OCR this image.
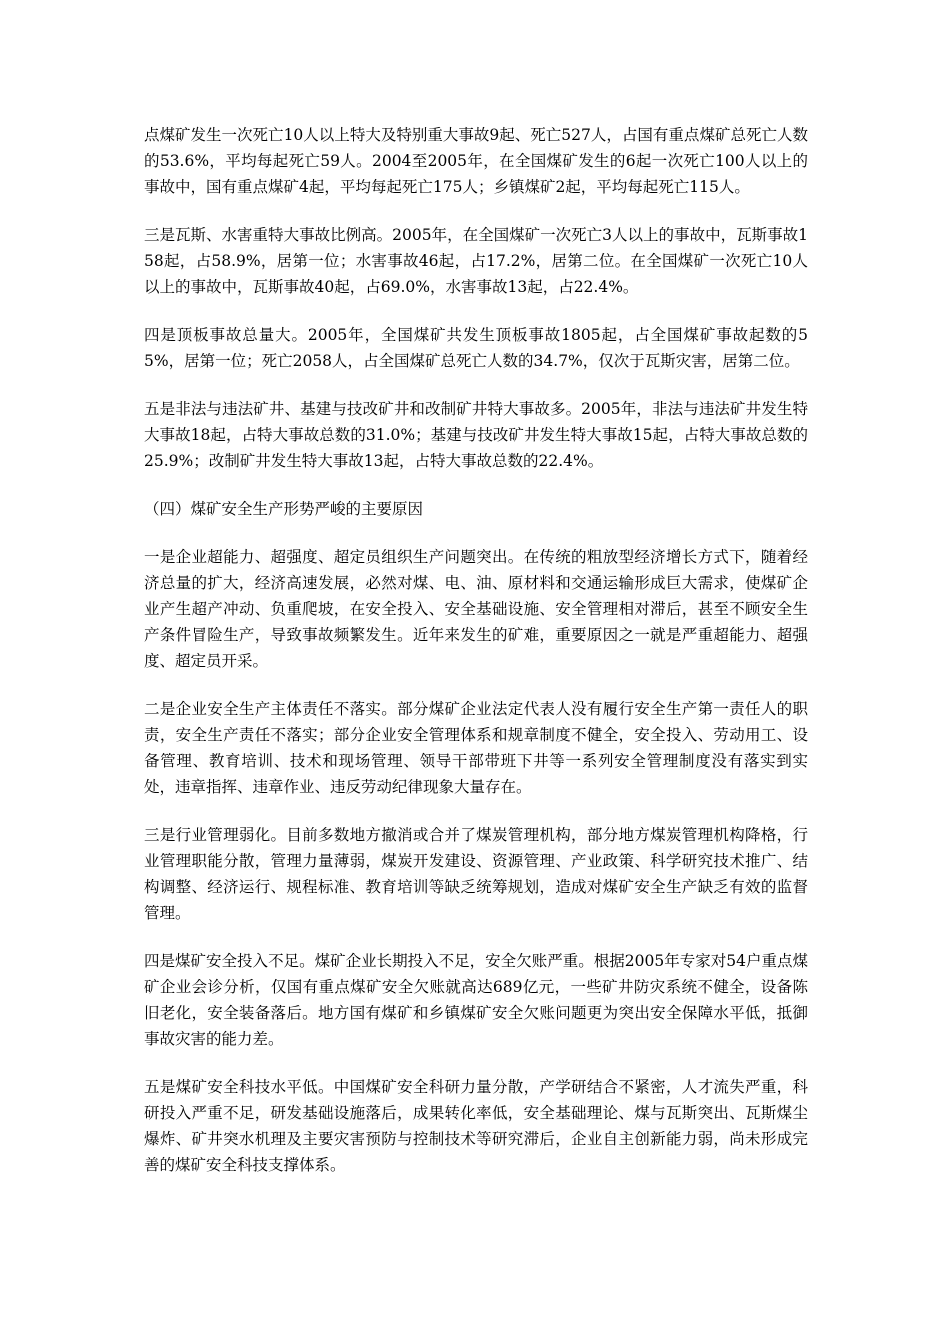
点煤矿发生一次死亡10人以上特大及特别重大事故9起、死亡527人，占国有重点煤矿总死亡人数的53.6%，平均每起死亡59人。2004至2005年，在全国煤矿发生的6起一次死亡100人以上的事故中，国有重点煤矿4起，平均每起死亡175人；乡镇煤矿2起，平均每起死亡115人。

三是瓦斯、水害重特大事故比例高。2005年，在全国煤矿一次死亡3人以上的事故中，瓦斯事故158起，占58.9%，居第一位；水害事故46起，占17.2%，居第二位。在全国煤矿一次死亡10人以上的事故中，瓦斯事故40起，占69.0%，水害事故13起，占22.4%。

四是顶板事故总量大。2005年，全国煤矿共发生顶板事故1805起，占全国煤矿事故起数的55%，居第一位；死亡2058人，占全国煤矿总死亡人数的34.7%，仅次于瓦斯灾害，居第二位。

五是非法与违法矿井、基建与技改矿井和改制矿井特大事故多。2005年，非法与违法矿井发生特大事故18起，占特大事故总数的31.0%；基建与技改矿井发生特大事故15起，占特大事故总数的25.9%；改制矿井发生特大事故13起，占特大事故总数的22.4%。

（四）煤矿安全生产形势严峻的主要原因

一是企业超能力、超强度、超定员组织生产问题突出。在传统的粗放型经济增长方式下，随着经济总量的扩大，经济高速发展，必然对煤、电、油、原材料和交通运输形成巨大需求，使煤矿企业产生超产冲动、负重爬坡，在安全投入、安全基础设施、安全管理相对滞后，甚至不顾安全生产条件冒险生产，导致事故频繁发生。近年来发生的矿难，重要原因之一就是严重超能力、超强度、超定员开采。

二是企业安全生产主体责任不落实。部分煤矿企业法定代表人没有履行安全生产第一责任人的职责，安全生产责任不落实；部分企业安全管理体系和规章制度不健全，安全投入、劳动用工、设备管理、教育培训、技术和现场管理、领导干部带班下井等一系列安全管理制度没有落实到实处，违章指挥、违章作业、违反劳动纪律现象大量存在。

三是行业管理弱化。目前多数地方撤消或合并了煤炭管理机构，部分地方煤炭管理机构降格，行业管理职能分散，管理力量薄弱，煤炭开发建设、资源管理、产业政策、科学研究技术推广、结构调整、经济运行、规程标准、教育培训等缺乏统筹规划，造成对煤矿安全生产缺乏有效的监督管理。

四是煤矿安全投入不足。煤矿企业长期投入不足，安全欠账严重。根据2005年专家对54户重点煤矿企业会诊分析，仅国有重点煤矿安全欠账就高达689亿元，一些矿井防灾系统不健全，设备陈旧老化，安全装备落后。地方国有煤矿和乡镇煤矿安全欠账问题更为突出安全保障水平低，抵御事故灾害的能力差。

五是煤矿安全科技水平低。中国煤矿安全科研力量分散，产学研结合不紧密，人才流失严重，科研投入严重不足，研发基础设施落后，成果转化率低，安全基础理论、煤与瓦斯突出、瓦斯煤尘爆炸、矿井突水机理及主要灾害预防与控制技术等研究滞后，企业自主创新能力弱，尚未形成完善的煤矿安全科技支撑体系。
